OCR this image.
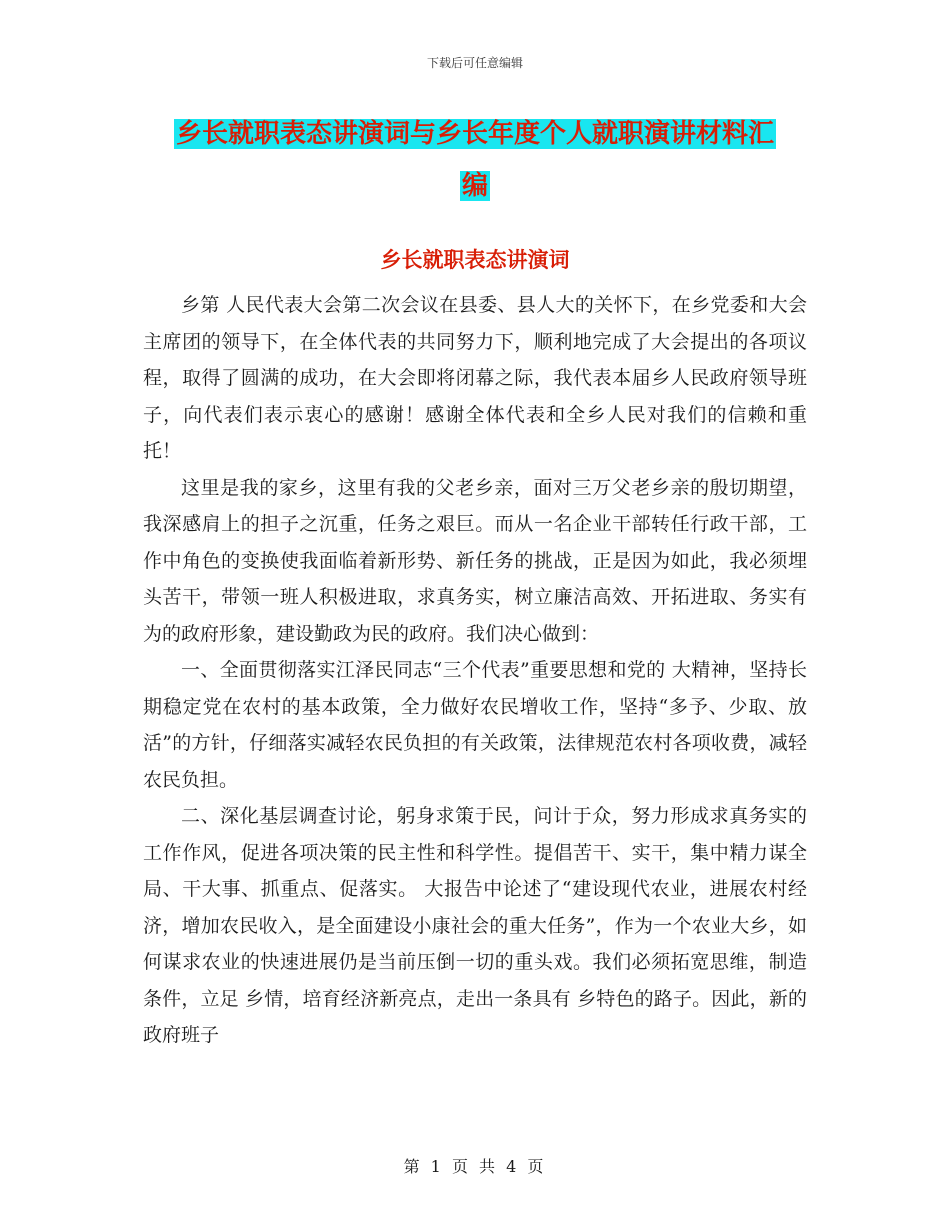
下载后可任意编辑
乡长就职表态讲演词与乡长年度个人就职演讲材料汇
编
乡长就职表态讲演词

乡第 人民代表大会第二次会议在县委、县人大的关怀下，在乡党委和大会主席团的领导下，在全体代表的共同努力下，顺利地完成了大会提出的各项议程，取得了圆满的成功，在大会即将闭幕之际，我代表本届乡人民政府领导班子，向代表们表示衷心的感谢！感谢全体代表和全乡人民对我们的信赖和重托！

这里是我的家乡，这里有我的父老乡亲，面对三万父老乡亲的殷切期望，我深感肩上的担子之沉重，任务之艰巨。而从一名企业干部转任行政干部，工作中角色的变换使我面临着新形势、新任务的挑战，正是因为如此，我必须埋头苦干，带领一班人积极进取，求真务实，树立廉洁高效、开拓进取、务实有为的政府形象，建设勤政为民的政府。我们决心做到：

一、全面贯彻落实江泽民同志“三个代表”重要思想和党的 大精神，坚持长期稳定党在农村的基本政策，全力做好农民增收工作，坚持“多予、少取、放活”的方针，仔细落实减轻农民负担的有关政策，法律规范农村各项收费，减轻农民负担。

二、深化基层调查讨论，躬身求策于民，问计于众，努力形成求真务实的工作作风，促进各项决策的民主性和科学性。提倡苦干、实干，集中精力谋全局、干大事、抓重点、促落实。 大报告中论述了“建设现代农业，进展农村经济，增加农民收入，是全面建设小康社会的重大任务”，作为一个农业大乡，如何谋求农业的快速进展仍是当前压倒一切的重头戏。我们必须拓宽思维，制造条件，立足 乡情，培育经济新亮点，走出一条具有 乡特色的路子。因此，新的政府班子

第 1 页 共 4 页
